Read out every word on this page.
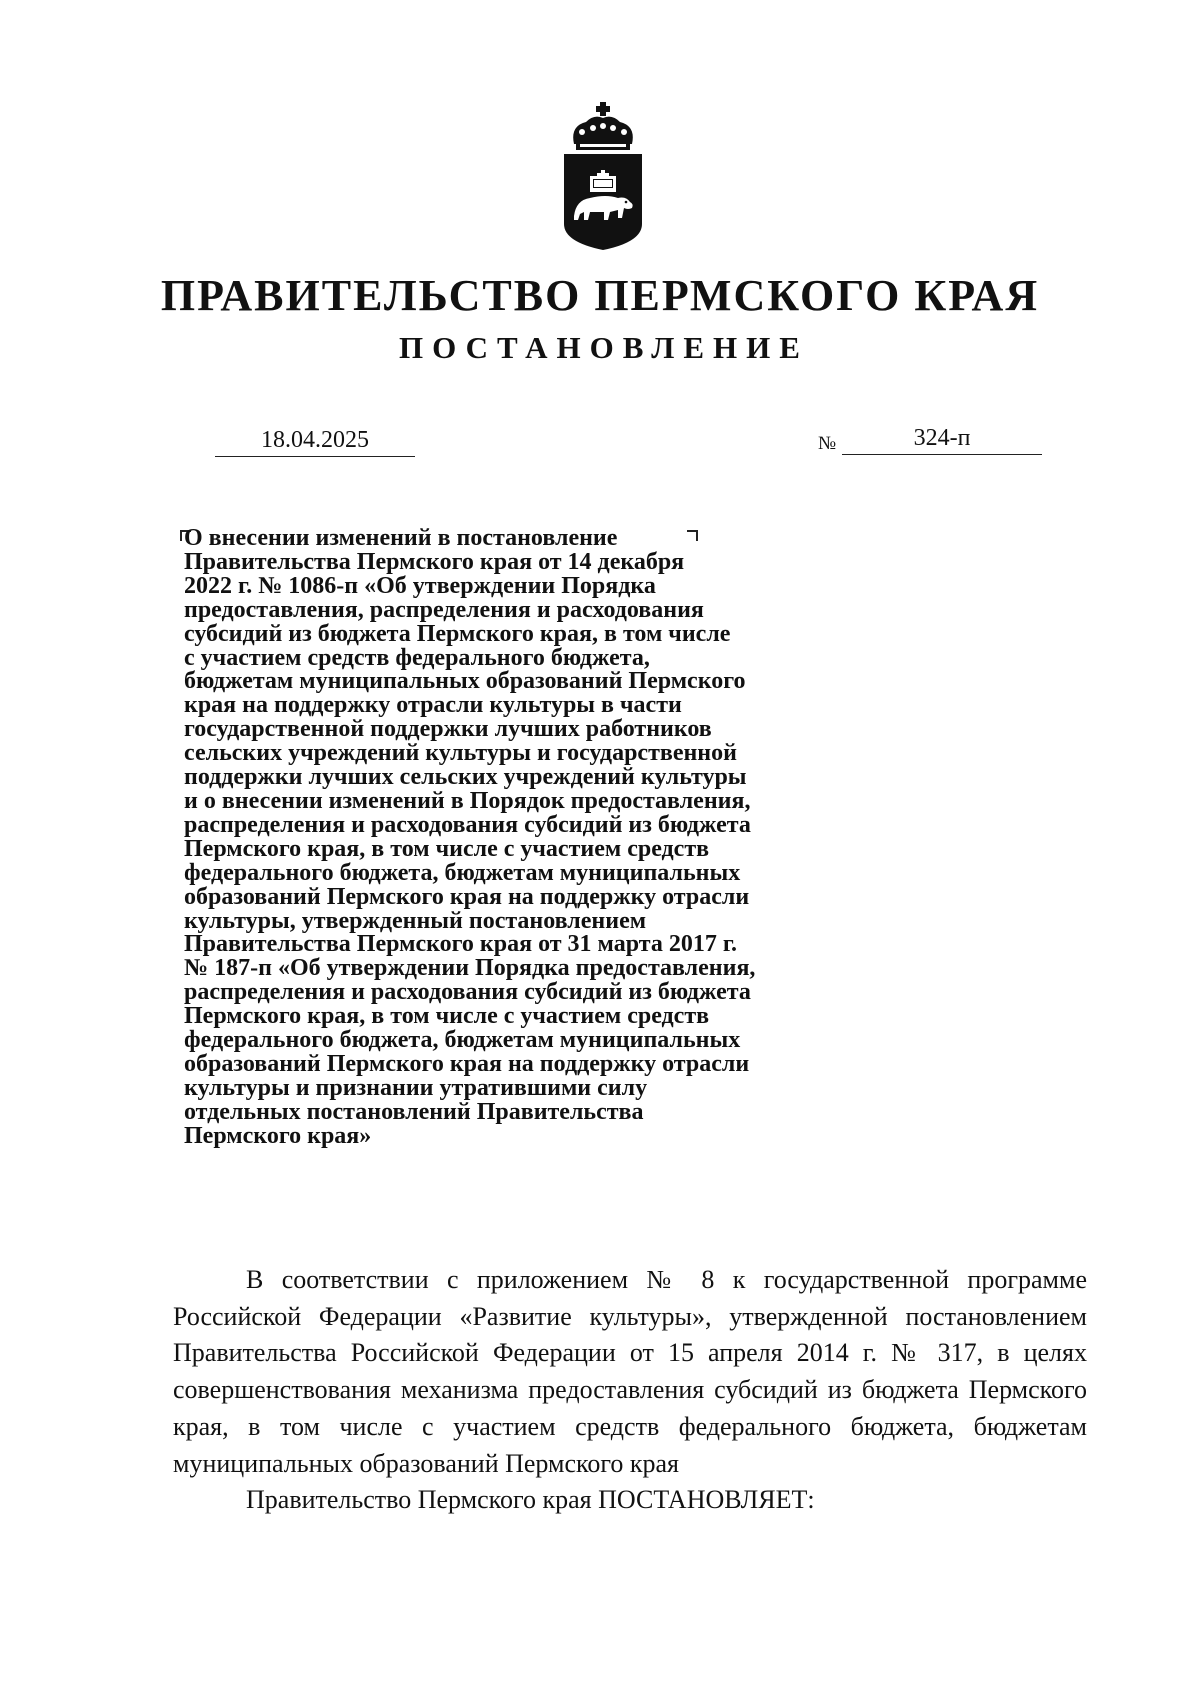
ПРАВИТЕЛЬСТВО ПЕРМСКОГО КРАЯ
ПОСТАНОВЛЕНИЕ
18.04.2025	№	324-п
О внесении изменений в постановление
Правительства Пермского края от 14 декабря
2022 г. № 1086-п «Об утверждении Порядка
предоставления, распределения и расходования
субсидий из бюджета Пермского края, в том числе
с участием средств федерального бюджета,
бюджетам муниципальных образований Пермского
края на поддержку отрасли культуры в части
государственной поддержки лучших работников
сельских учреждений культуры и государственной
поддержки лучших сельских учреждений культуры
и о внесении изменений в Порядок предоставления,
распределения и расходования субсидий из бюджета
Пермского края, в том числе с участием средств
федерального бюджета, бюджетам муниципальных
образований Пермского края на поддержку отрасли
культуры, утвержденный постановлением
Правительства Пермского края от 31 марта 2017 г.
№ 187-п «Об утверждении Порядка предоставления,
распределения и расходования субсидий из бюджета
Пермского края, в том числе с участием средств
федерального бюджета, бюджетам муниципальных
образований Пермского края на поддержку отрасли
культуры и признании утратившими силу
отдельных постановлений Правительства
Пермского края»

В соответствии с приложением № 8 к государственной программе Российской Федерации «Развитие культуры», утвержденной постановлением Правительства Российской Федерации от 15 апреля 2014 г. № 317, в целях совершенствования механизма предоставления субсидий из бюджета Пермского края, в том числе с участием средств федерального бюджета, бюджетам муниципальных образований Пермского края

Правительство Пермского края ПОСТАНОВЛЯЕТ:
